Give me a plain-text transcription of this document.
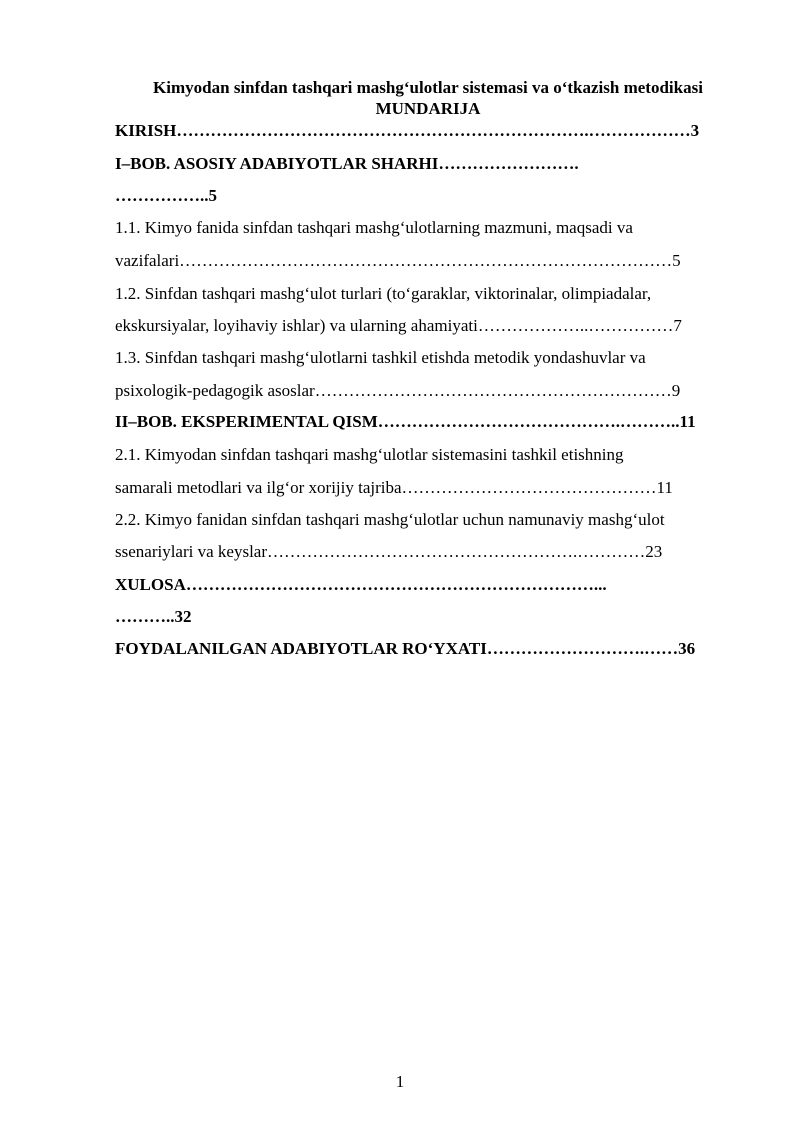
Kimyodan sinfdan tashqari mashg‘ulotlar sistemasi va o‘tkazish metodikasi
MUNDARIJA
KIRISH……………………………………………………………….………………3
I–BOB. ASOSIY ADABIYOTLAR SHARHI…………………….
……………..5
1.1. Kimyo fanida sinfdan tashqari mashg‘ulotlarning mazmuni, maqsadi va
vazifalari……………………………………………………………………………5
1.2. Sinfdan tashqari mashg‘ulot turlari (to‘garaklar, viktorinalar, olimpiadalar,
ekskursiyalar, loyihaviy ishlar) va ularning ahamiyati………………..……………7
1.3. Sinfdan tashqari mashg‘ulotlarni tashkil etishda metodik yondashuvlar va
psixologik-pedagogik asoslar………………………………………………………9
II–BOB. EKSPERIMENTAL QISM…………………………………….………..11
2.1. Kimyodan sinfdan tashqari mashg‘ulotlar sistemasini tashkil etishning
samarali metodlari va ilg‘or xorijiy tajriba………………………………………11
2.2. Kimyo fanidan sinfdan tashqari mashg‘ulotlar uchun namunaviy mashg‘ulot
ssenariylari va keyslar……………………………………………….…………23
XULOSA………………………………………………………………...
………..32
FOYDALANILGAN ADABIYOTLAR RO‘YXATI……………………….……36
1
